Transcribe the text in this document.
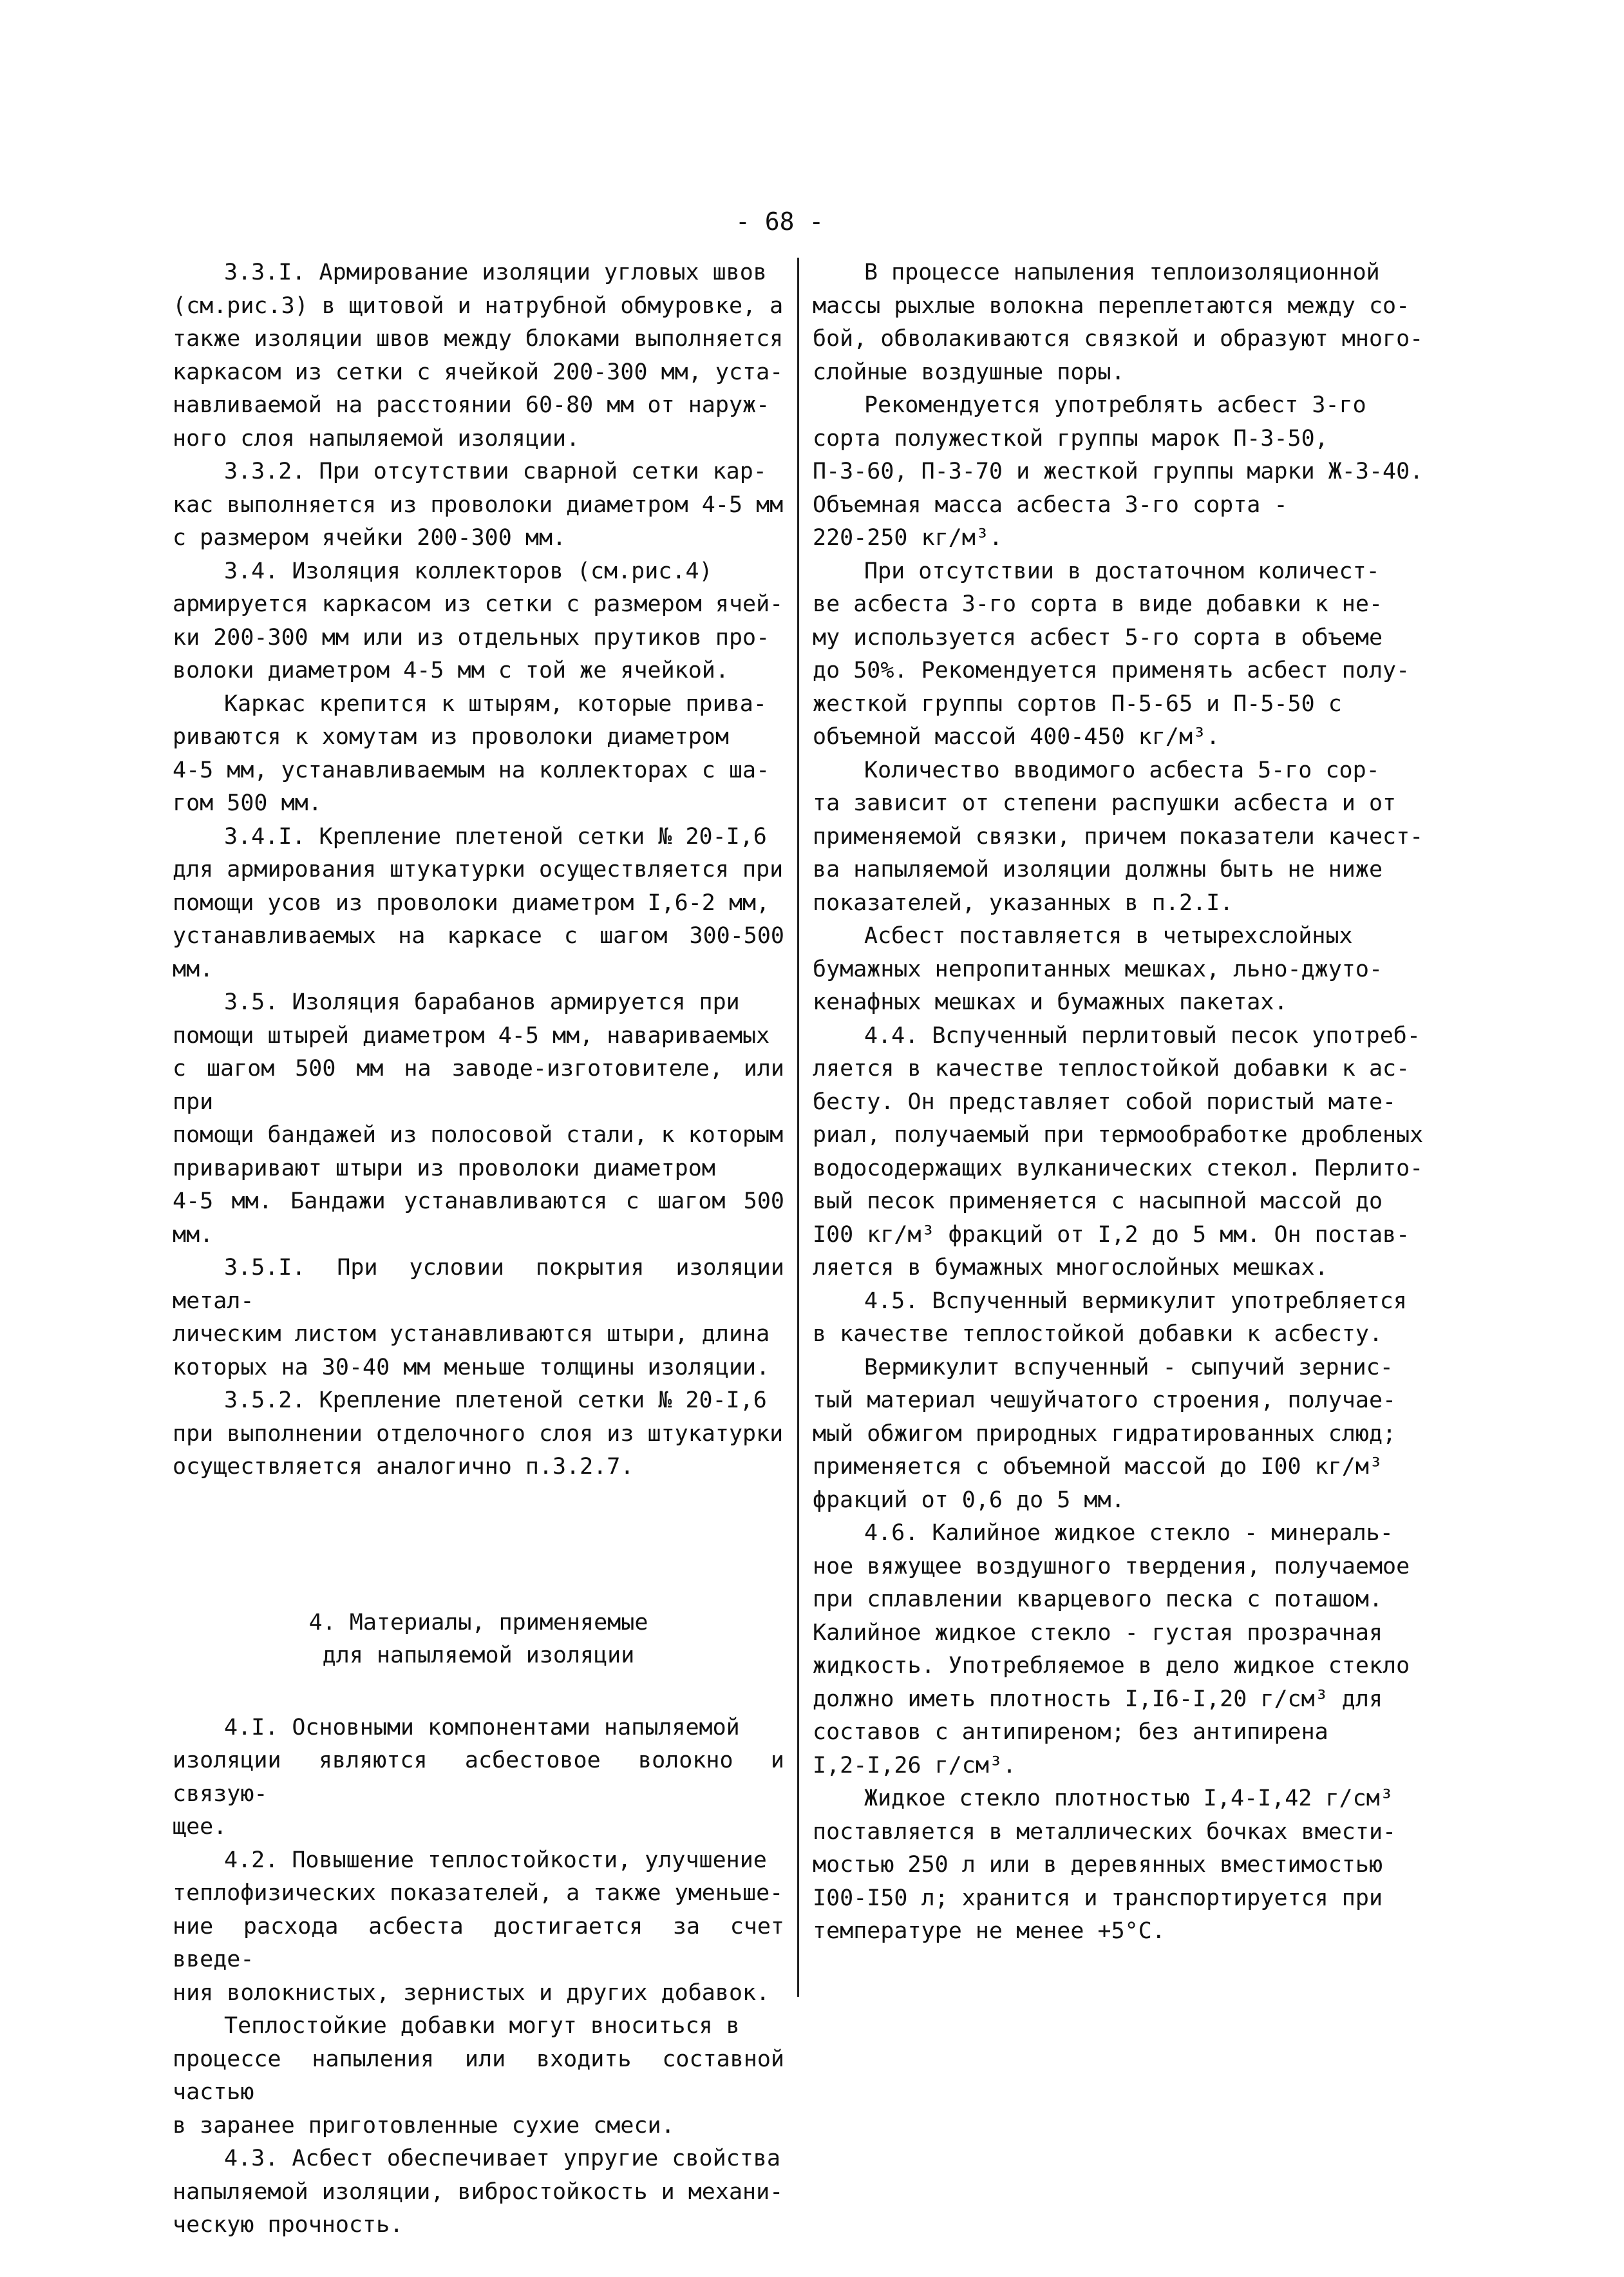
- 68 -

3.3.I. Армирование изоляции угловых швов
(см.рис.3) в щитовой и натрубной обмуровке, а
также изоляции швов между блоками выполняется
каркасом из сетки с ячейкой 200-300 мм, уста-
навливаемой на расстоянии 60-80 мм от наруж-
ного слоя напыляемой изоляции.

3.3.2. При отсутствии сварной сетки кар-
кас выполняется из проволоки диаметром 4-5 мм
с размером ячейки 200-300 мм.

3.4. Изоляция коллекторов (см.рис.4)
армируется каркасом из сетки с размером ячей-
ки 200-300 мм или из отдельных прутиков про-
волоки диаметром 4-5 мм с той же ячейкой.

Каркас крепится к штырям, которые прива-
риваются к хомутам из проволоки диаметром
4-5 мм, устанавливаемым на коллекторах с ша-
гом 500 мм.

3.4.I. Крепление плетеной сетки № 20-I,6
для армирования штукатурки осуществляется при
помощи усов из проволоки диаметром I,6-2 мм,
устанавливаемых на каркасе с шагом 300-500 мм.

3.5. Изоляция барабанов армируется при
помощи штырей диаметром 4-5 мм, навариваемых
с шагом 500 мм на заводе-изготовителе, или при
помощи бандажей из полосовой стали, к которым
приваривают штыри из проволоки диаметром
4-5 мм. Бандажи устанавливаются с шагом 500 мм.

3.5.I. При условии покрытия изоляции метал-
лическим листом устанавливаются штыри, длина
которых на 30-40 мм меньше толщины изоляции.

3.5.2. Крепление плетеной сетки № 20-I,6
при выполнении отделочного слоя из штукатурки
осуществляется аналогично п.3.2.7.

4. Материалы, применяемые
для напыляемой изоляции

4.I. Основными компонентами напыляемой
изоляции являются асбестовое волокно и связую-
щее.

4.2. Повышение теплостойкости, улучшение
теплофизических показателей, а также уменьше-
ние расхода асбеста достигается за счет введе-
ния волокнистых, зернистых и других добавок.

Теплостойкие добавки могут вноситься в
процессе напыления или входить составной частью
в заранее приготовленные сухие смеси.

4.3. Асбест обеспечивает упругие свойства
напыляемой изоляции, вибростойкость и механи-
ческую прочность.

В процессе напыления теплоизоляционной
массы рыхлые волокна переплетаются между со-
бой, обволакиваются связкой и образуют много-
слойные воздушные поры.

Рекомендуется употреблять асбест 3-го
сорта полужесткой группы марок П-3-50,
П-3-60, П-3-70 и жесткой группы марки Ж-3-40.
Объемная масса асбеста 3-го сорта -
220-250 кг/м³.

При отсутствии в достаточном количест-
ве асбеста 3-го сорта в виде добавки к не-
му используется асбест 5-го сорта в объеме
до 50%. Рекомендуется применять асбест полу-
жесткой группы сортов П-5-65 и П-5-50 с
объемной массой 400-450 кг/м³.

Количество вводимого асбеста 5-го сор-
та зависит от степени распушки асбеста и от
применяемой связки, причем показатели качест-
ва напыляемой изоляции должны быть не ниже
показателей, указанных в п.2.I.

Асбест поставляется в четырехслойных
бумажных непропитанных мешках, льно-джуто-
кенафных мешках и бумажных пакетах.

4.4. Вспученный перлитовый песок употреб-
ляется в качестве теплостойкой добавки к ас-
бесту. Он представляет собой пористый мате-
риал, получаемый при термообработке дробленых
водосодержащих вулканических стекол. Перлито-
вый песок применяется с насыпной массой до
I00 кг/м³ фракций от I,2 до 5 мм. Он постав-
ляется в бумажных многослойных мешках.

4.5. Вспученный вермикулит употребляется
в качестве теплостойкой добавки к асбесту.

Вермикулит вспученный - сыпучий зернис-
тый материал чешуйчатого строения, получае-
мый обжигом природных гидратированных слюд;
применяется с объемной массой до I00 кг/м³
фракций от 0,6 до 5 мм.

4.6. Калийное жидкое стекло - минераль-
ное вяжущее воздушного твердения, получаемое
при сплавлении кварцевого песка с поташом.
Калийное жидкое стекло - густая прозрачная
жидкость. Употребляемое в дело жидкое стекло
должно иметь плотность I,I6-I,20 г/см³ для
составов с антипиреном; без антипирена
I,2-I,26 г/см³.

Жидкое стекло плотностью I,4-I,42 г/см³
поставляется в металлических бочках вмести-
мостью 250 л или в деревянных вместимостью
I00-I50 л; хранится и транспортируется при
температуре не менее +5°С.
